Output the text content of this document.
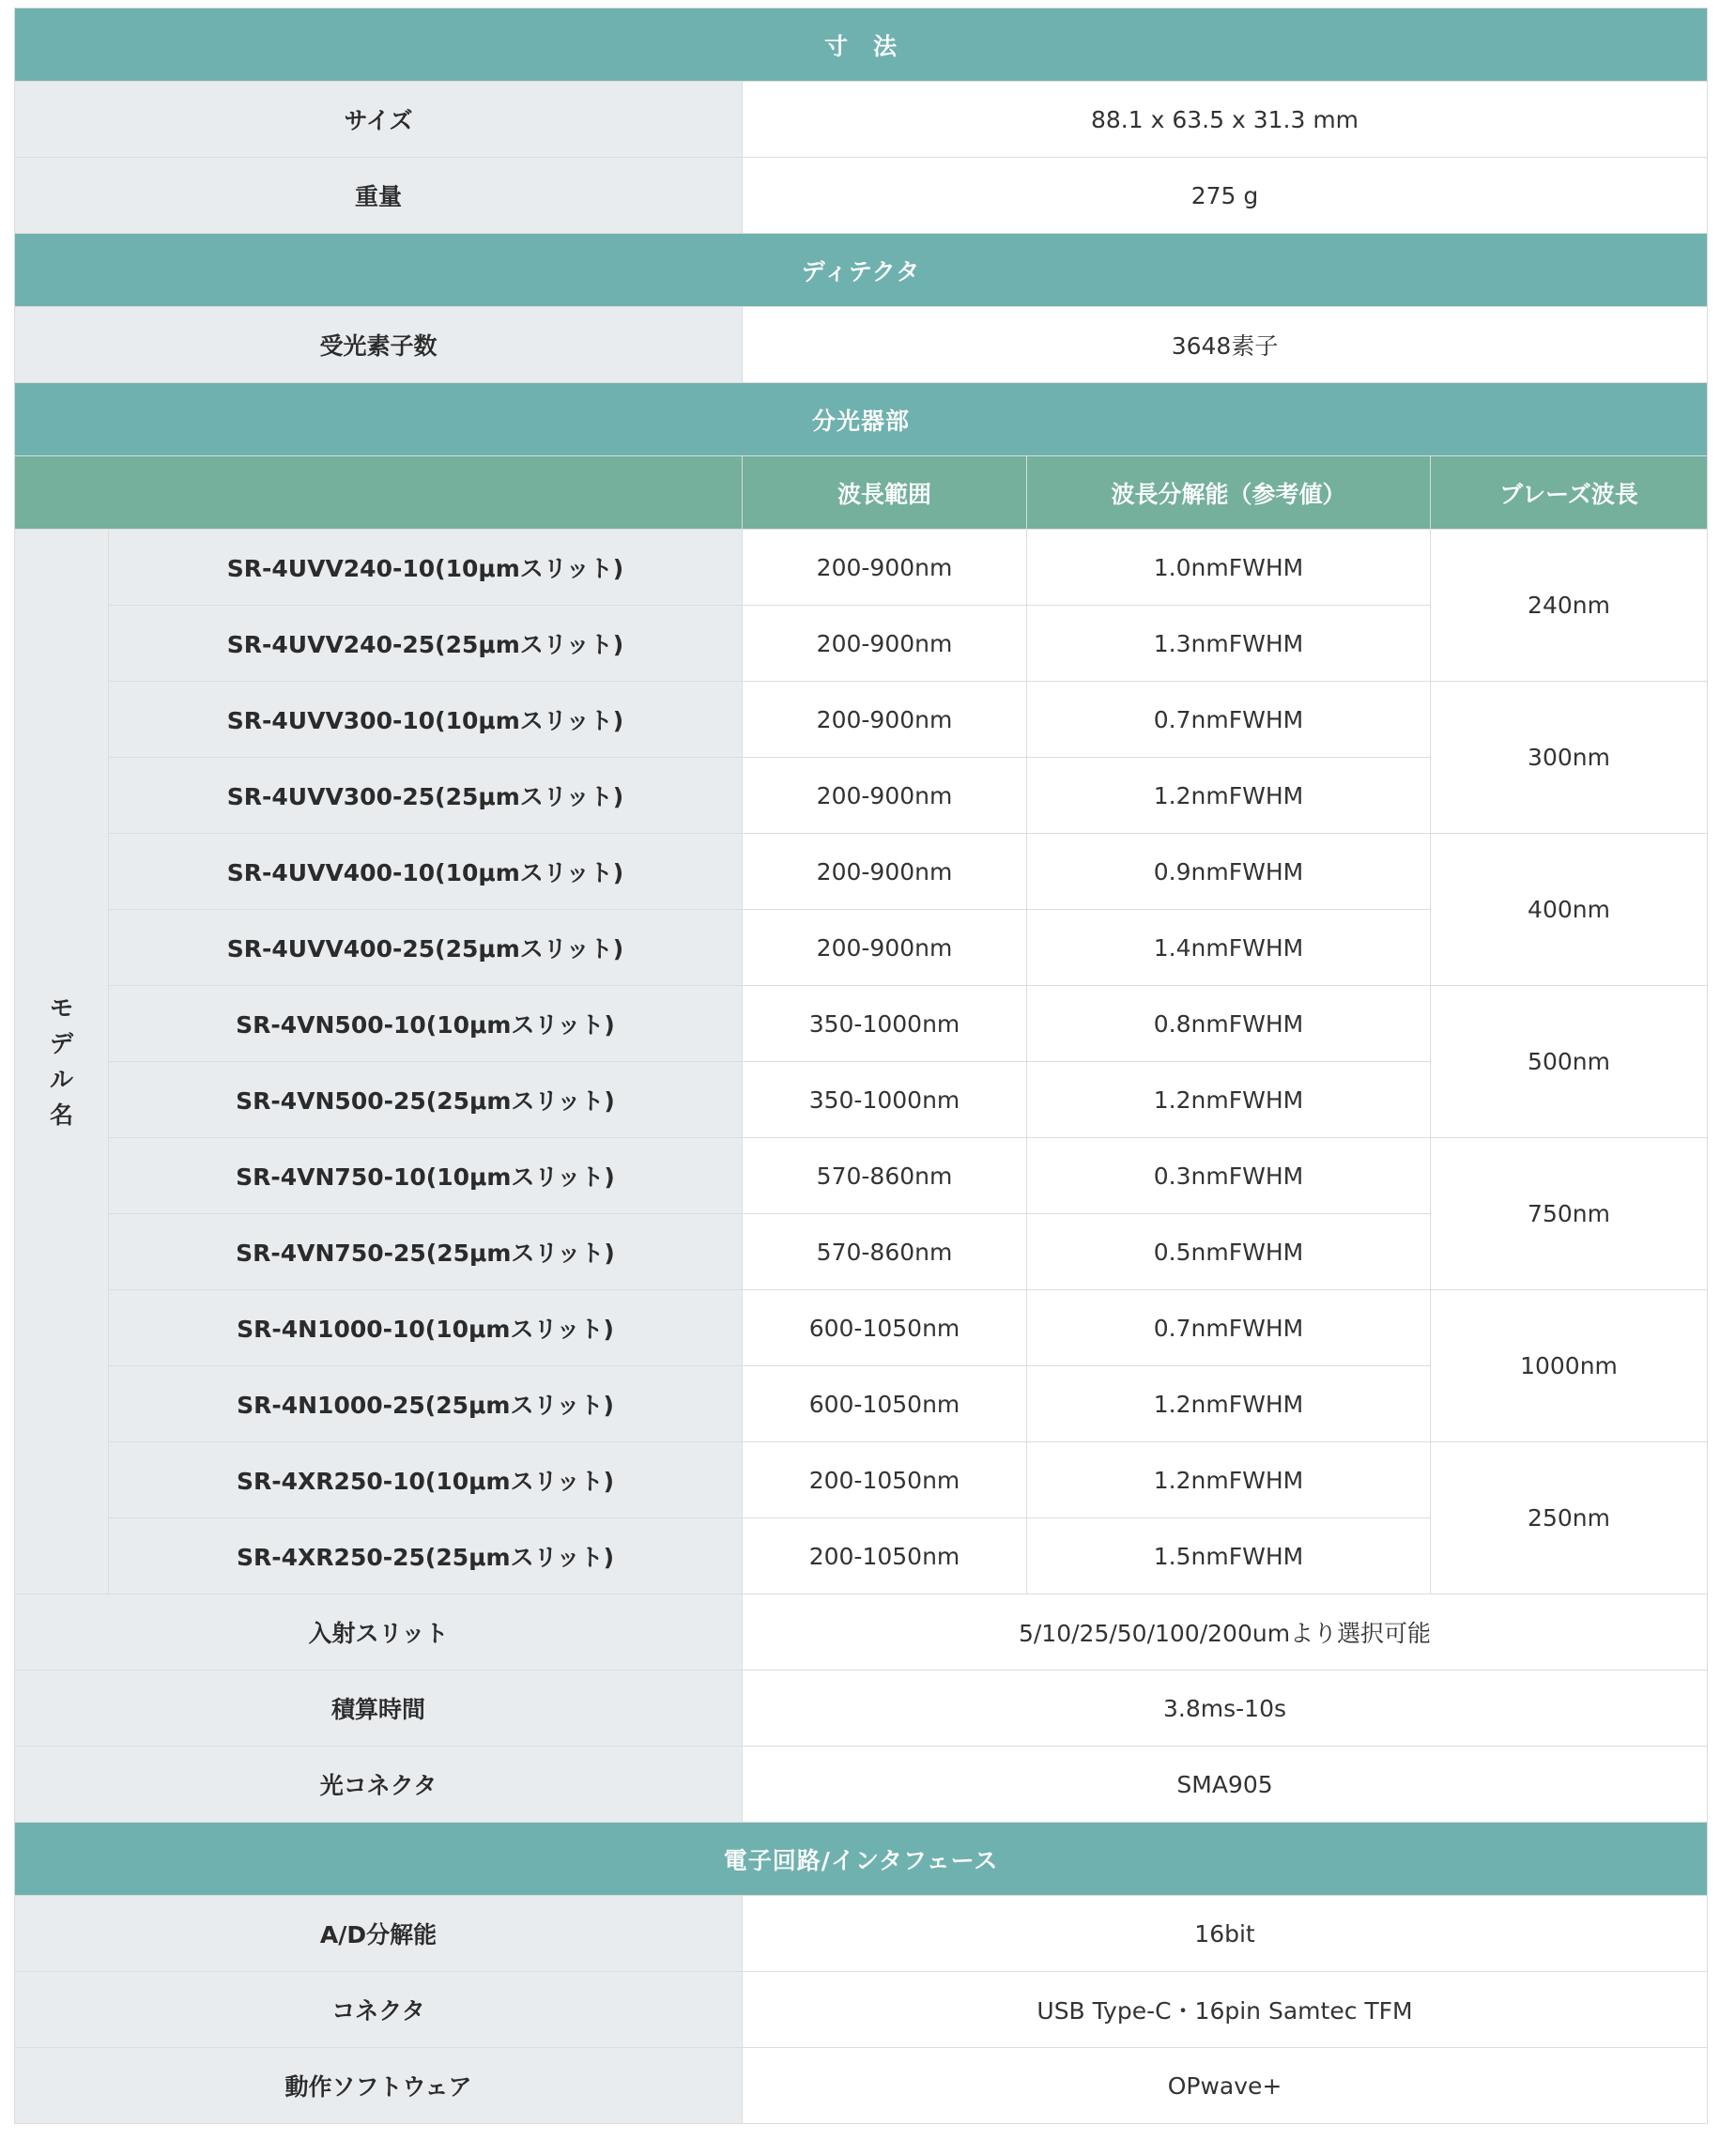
寸　法				
サイズ		88.1 x 63.5 x 31.3 mm		
重量		275 g		
ディテクタ				
受光素子数		3648素子		
分光器部				
		波長範囲	波長分解能（参考値）	ブレーズ波長
モデル名	SR-4UVV240-10(10μmスリット)	200-900nm	1.0nmFWHM	240nm
	SR-4UVV240-25(25μmスリット)	200-900nm	1.3nmFWHM	
	SR-4UVV300-10(10μmスリット)	200-900nm	0.7nmFWHM	300nm
	SR-4UVV300-25(25μmスリット)	200-900nm	1.2nmFWHM	
	SR-4UVV400-10(10μmスリット)	200-900nm	0.9nmFWHM	400nm
	SR-4UVV400-25(25μmスリット)	200-900nm	1.4nmFWHM	
	SR-4VN500-10(10μmスリット)	350-1000nm	0.8nmFWHM	500nm
	SR-4VN500-25(25μmスリット)	350-1000nm	1.2nmFWHM	
	SR-4VN750-10(10μmスリット)	570-860nm	0.3nmFWHM	750nm
	SR-4VN750-25(25μmスリット)	570-860nm	0.5nmFWHM	
	SR-4N1000-10(10μmスリット)	600-1050nm	0.7nmFWHM	1000nm
	SR-4N1000-25(25μmスリット)	600-1050nm	1.2nmFWHM	
	SR-4XR250-10(10μmスリット)	200-1050nm	1.2nmFWHM	250nm
	SR-4XR250-25(25μmスリット)	200-1050nm	1.5nmFWHM	
入射スリット		5/10/25/50/100/200umより選択可能		
積算時間		3.8ms-10s		
光コネクタ		SMA905		
電子回路/インタフェース				
A/D分解能		16bit		
コネクタ		USB Type-C・16pin Samtec TFM		
動作ソフトウェア		OPwave+		
